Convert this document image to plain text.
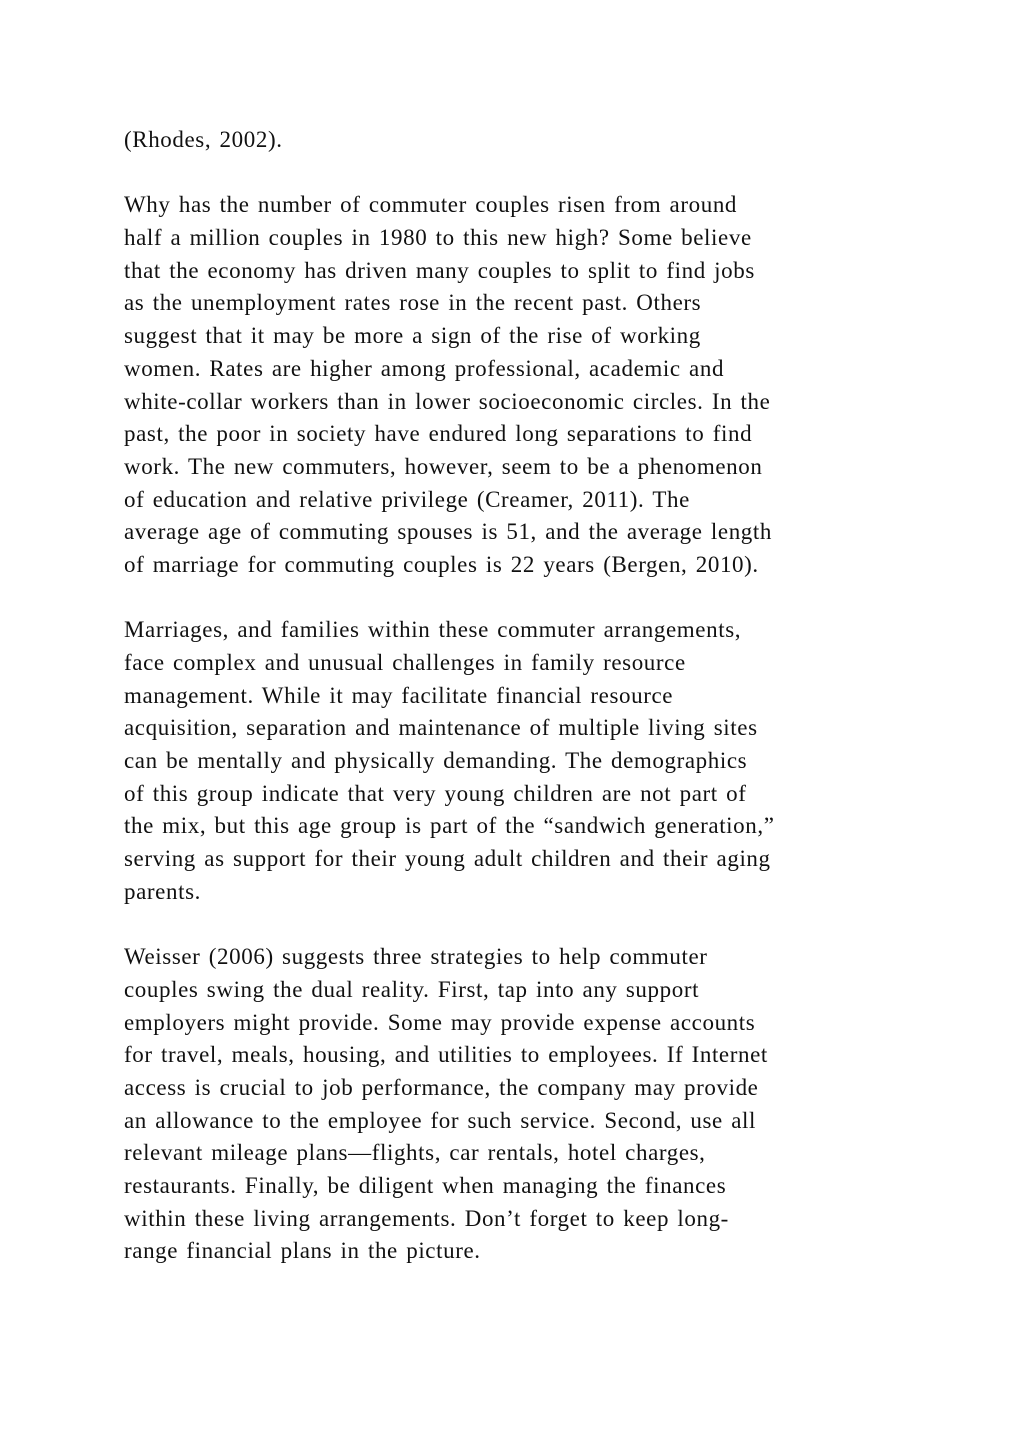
(Rhodes, 2002).
Why has the number of commuter couples risen from around
half a million couples in 1980 to this new high? Some believe
that the economy has driven many couples to split to find jobs
as the unemployment rates rose in the recent past. Others
suggest that it may be more a sign of the rise of working
women. Rates are higher among professional, academic and
white-collar workers than in lower socioeconomic circles. In the
past, the poor in society have endured long separations to find
work. The new commuters, however, seem to be a phenomenon
of education and relative privilege (Creamer, 2011). The
average age of commuting spouses is 51, and the average length
of marriage for commuting couples is 22 years (Bergen, 2010).
Marriages, and families within these commuter arrangements,
face complex and unusual challenges in family resource
management. While it may facilitate financial resource
acquisition, separation and maintenance of multiple living sites
can be mentally and physically demanding. The demographics
of this group indicate that very young children are not part of
the mix, but this age group is part of the “sandwich generation,”
serving as support for their young adult children and their aging
parents.
Weisser (2006) suggests three strategies to help commuter
couples swing the dual reality. First, tap into any support
employers might provide. Some may provide expense accounts
for travel, meals, housing, and utilities to employees. If Internet
access is crucial to job performance, the company may provide
an allowance to the employee for such service. Second, use all
relevant mileage plans—flights, car rentals, hotel charges,
restaurants. Finally, be diligent when managing the finances
within these living arrangements. Don’t forget to keep long-
range financial plans in the picture.
